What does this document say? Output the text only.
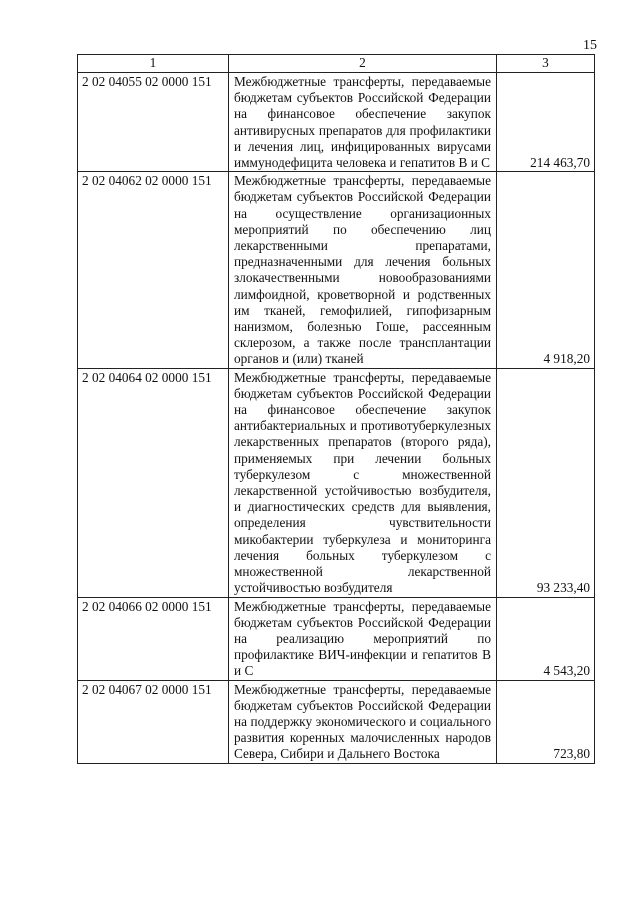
15
1	2	3
2 02 04055 02 0000 151	Межбюджетные трансферты, передаваемые бюджетам субъектов Российской Федерации на финансовое обеспечение закупок антивирусных препаратов для профилактики и лечения лиц, инфицированных вирусами иммунодефицита человека и гепатитов В и С	214 463,70
2 02 04062 02 0000 151	Межбюджетные трансферты, передаваемые бюджетам субъектов Российской Федерации на осуществление организационных мероприятий по обеспечению лиц лекарственными препаратами, предназначенными для лечения больных злокачественными новообразованиями лимфоидной, кроветворной и родственных им тканей, гемофилией, гипофизарным нанизмом, болезнью Гоше, рассеянным склерозом, а также после трансплантации органов и (или) тканей	4 918,20
2 02 04064 02 0000 151	Межбюджетные трансферты, передаваемые бюджетам субъектов Российской Федерации на финансовое обеспечение закупок антибактериальных и противотуберкулезных лекарственных препаратов (второго ряда), применяемых при лечении больных туберкулезом с множественной лекарственной устойчивостью возбудителя, и диагностических средств для выявления, определения чувствительности микобактерии туберкулеза и мониторинга лечения больных туберкулезом с множественной лекарственной устойчивостью возбудителя	93 233,40
2 02 04066 02 0000 151	Межбюджетные трансферты, передаваемые бюджетам субъектов Российской Федерации на реализацию мероприятий по профилактике ВИЧ-инфекции и гепатитов В и С	4 543,20
2 02 04067 02 0000 151	Межбюджетные трансферты, передаваемые бюджетам субъектов Российской Федерации на поддержку экономического и социального развития коренных малочисленных народов Севера, Сибири и Дальнего Востока	723,80
